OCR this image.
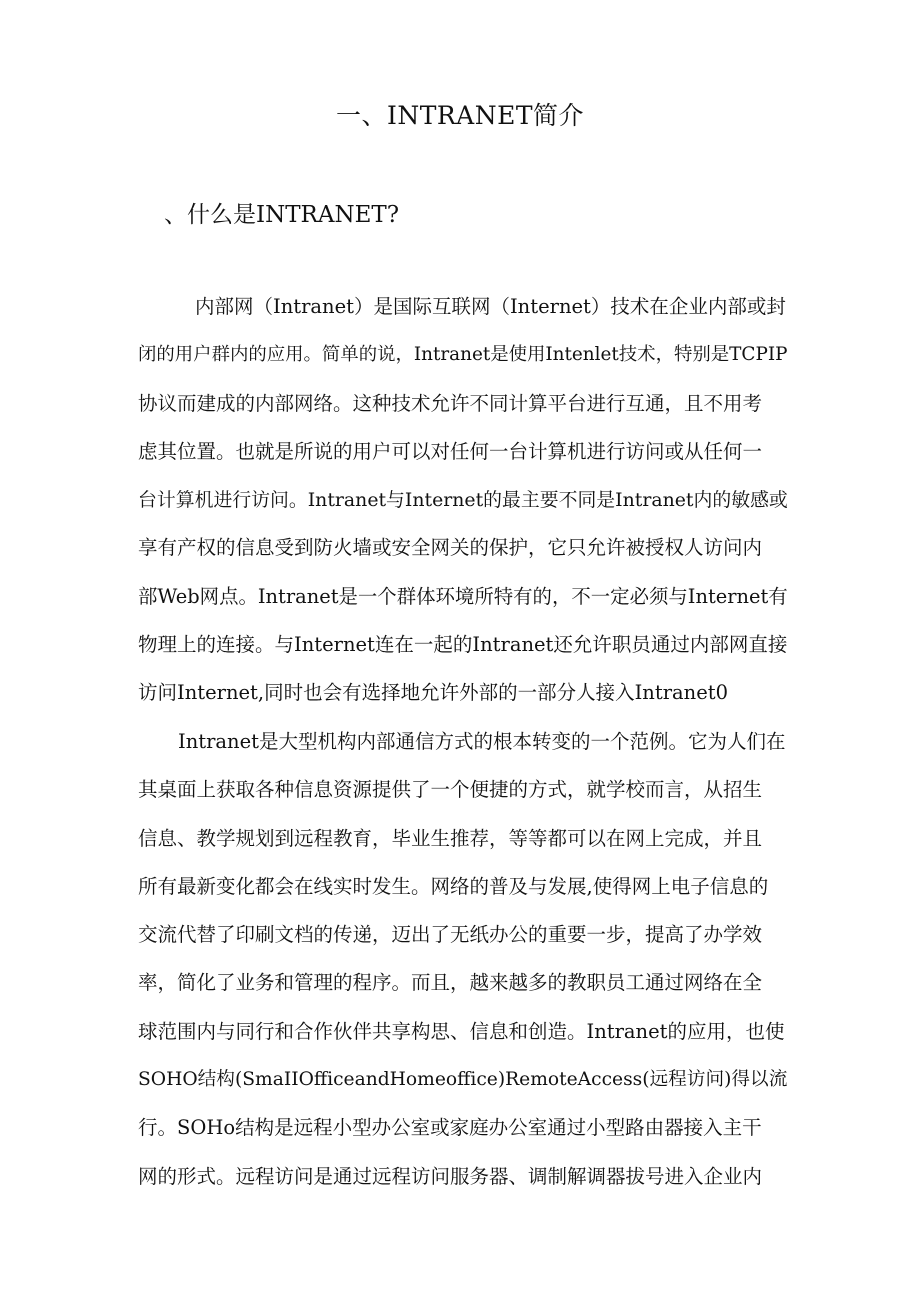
一、INTRANET简介
、什么是INTRANET?
内部网（Intranet）是国际互联网（Internet）技术在企业内部或封
闭的用户群内的应用。简单的说，Intranet是使用Intenlet技术，特别是TCPIP
协议而建成的内部网络。这种技术允许不同计算平台进行互通，且不用考
虑其位置。也就是所说的用户可以对任何一台计算机进行访问或从任何一
台计算机进行访问。Intranet与Internet的最主要不同是Intranet内的敏感或
享有产权的信息受到防火墙或安全网关的保护，它只允许被授权人访问内
部Web网点。Intranet是一个群体环境所特有的，不一定必须与Internet有
物理上的连接。与Internet连在一起的Intranet还允许职员通过内部网直接
访问Internet,同时也会有选择地允许外部的一部分人接入Intranet0
Intranet是大型机构内部通信方式的根本转变的一个范例。它为人们在
其桌面上获取各种信息资源提供了一个便捷的方式，就学校而言，从招生
信息、教学规划到远程教育，毕业生推荐，等等都可以在网上完成，并且
所有最新变化都会在线实时发生。网络的普及与发展,使得网上电子信息的
交流代替了印刷文档的传递，迈出了无纸办公的重要一步，提高了办学效
率，简化了业务和管理的程序。而且，越来越多的教职员工通过网络在全
球范围内与同行和合作伙伴共享构思、信息和创造。Intranet的应用，也使
SOHO结构(SmaIIOfficeandHomeoffice)RemoteAccess(远程访问)得以流
行。SOHo结构是远程小型办公室或家庭办公室通过小型路由器接入主干
网的形式。远程访问是通过远程访问服务器、调制解调器拔号进入企业内
